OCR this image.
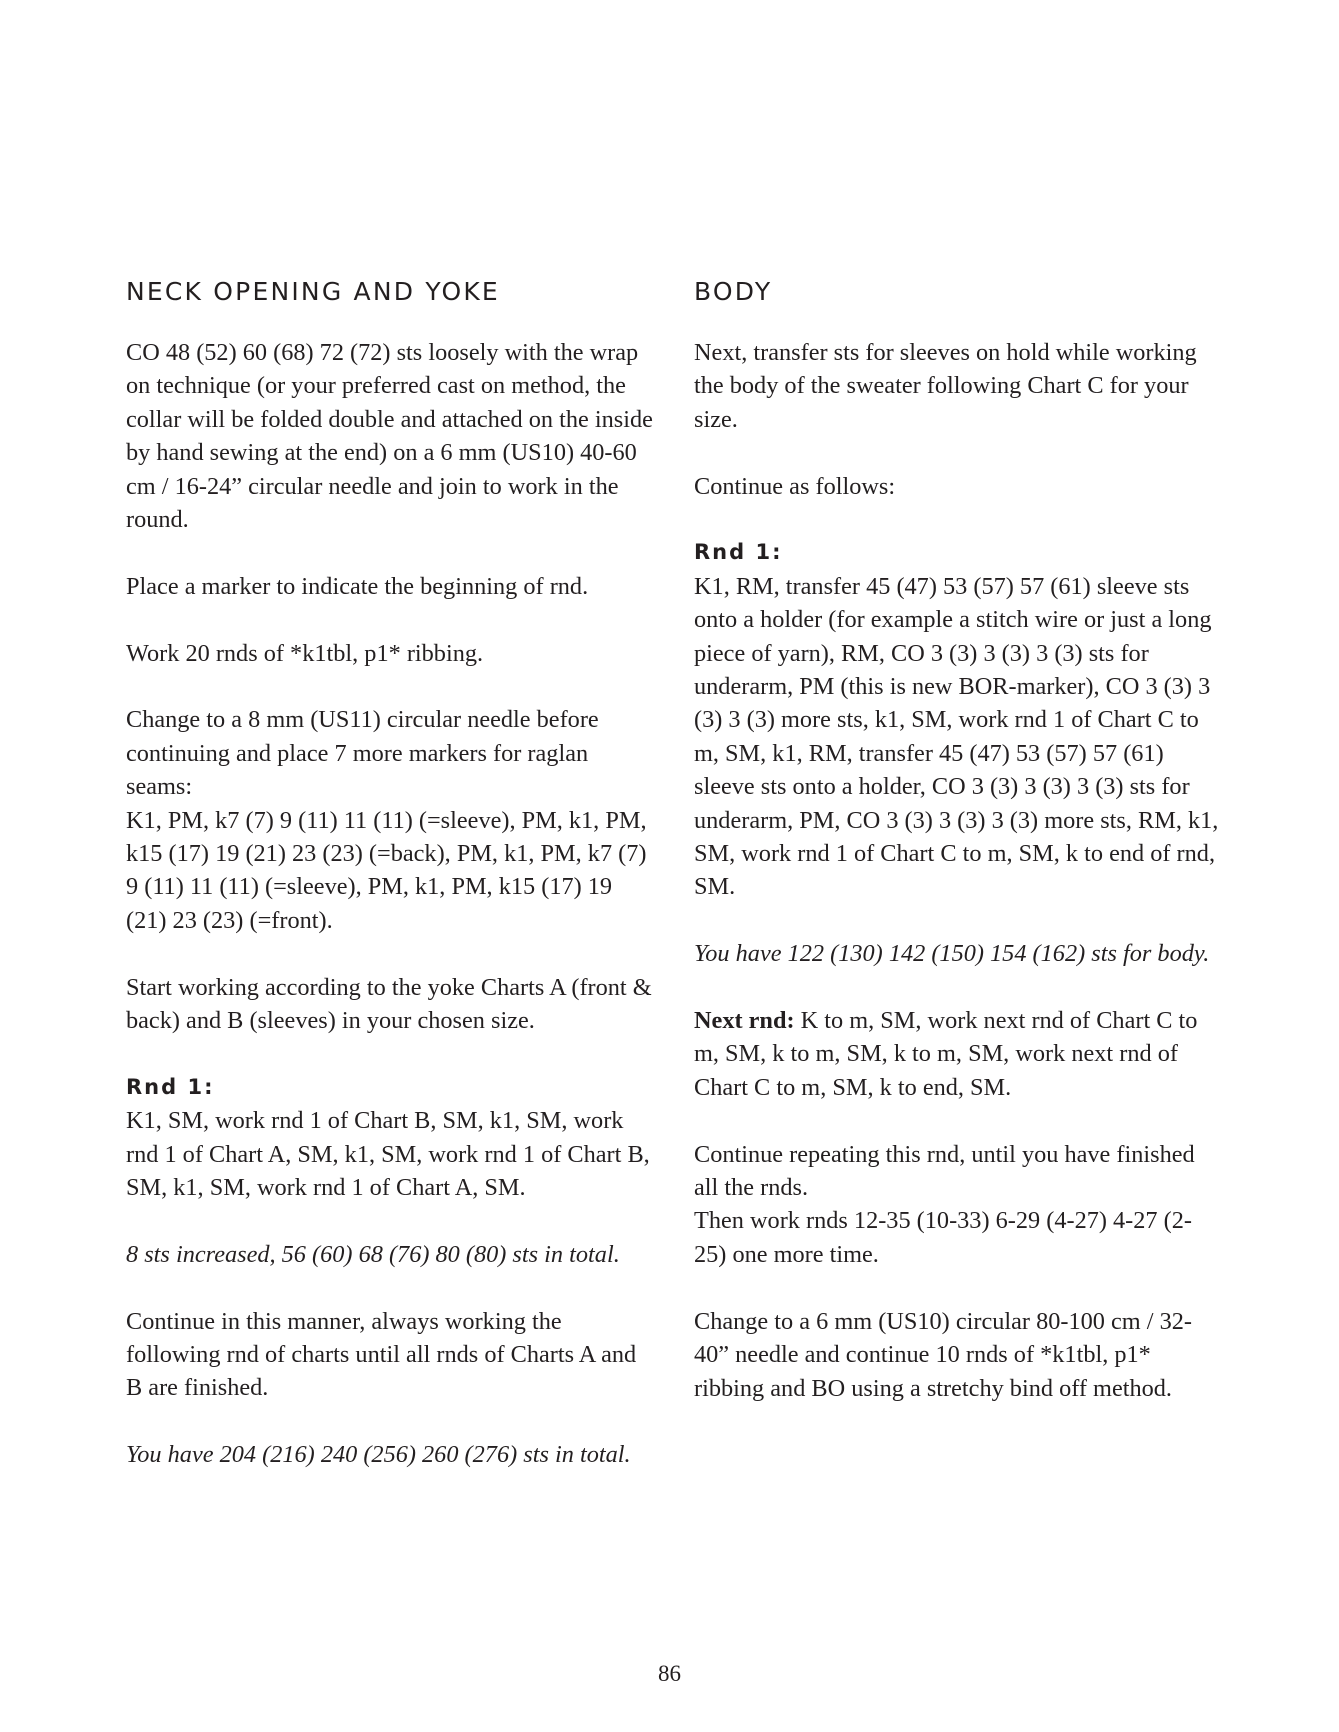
NECK OPENING AND YOKE

CO 48 (52) 60 (68) 72 (72) sts loosely with the wrap on technique (or your preferred cast on method, the collar will be folded double and attached on the inside by hand sewing at the end) on a 6 mm (US10) 40-60 cm / 16-24” circular needle and join to work in the round.

Place a marker to indicate the beginning of rnd.

Work 20 rnds of *k1tbl, p1* ribbing.

Change to a 8 mm (US11) circular needle before continuing and place 7 more markers for raglan seams:

K1, PM, k7 (7) 9 (11) 11 (11) (=sleeve), PM, k1, PM, k15 (17) 19 (21) 23 (23) (=back), PM, k1, PM, k7 (7) 9 (11) 11 (11) (=sleeve), PM, k1, PM, k15 (17) 19 (21) 23 (23) (=front).

Start working according to the yoke Charts A (front & back) and B (sleeves) in your chosen size.

Rnd 1:

K1, SM, work rnd 1 of Chart B, SM, k1, SM, work rnd 1 of Chart A, SM, k1, SM, work rnd 1 of Chart B, SM, k1, SM, work rnd 1 of Chart A, SM.

8 sts increased, 56 (60) 68 (76) 80 (80) sts in total.

Continue in this manner, always working the following rnd of charts until all rnds of Charts A and B are finished.

You have 204 (216) 240 (256) 260 (276) sts in total.

BODY

Next, transfer sts for sleeves on hold while working the body of the sweater following Chart C for your size.

Continue as follows:

Rnd 1:

K1, RM, transfer 45 (47) 53 (57) 57 (61) sleeve sts onto a holder (for example a stitch wire or just a long piece of yarn), RM, CO 3 (3) 3 (3) 3 (3) sts for underarm, PM (this is new BOR-marker), CO 3 (3) 3 (3) 3 (3) more sts, k1, SM, work rnd 1 of Chart C to m, SM, k1, RM, transfer 45 (47) 53 (57) 57 (61) sleeve sts onto a holder, CO 3 (3) 3 (3) 3 (3) sts for underarm, PM, CO 3 (3) 3 (3) 3 (3) more sts, RM, k1, SM, work rnd 1 of Chart C to m, SM, k to end of rnd, SM.

You have 122 (130) 142 (150) 154 (162) sts for body.

Next rnd: K to m, SM, work next rnd of Chart C to m, SM, k to m, SM, k to m, SM, work next rnd of Chart C to m, SM, k to end, SM.

Continue repeating this rnd, until you have finished all the rnds.

Then work rnds 12-35 (10-33) 6-29 (4-27) 4-27 (2-25) one more time.

Change to a 6 mm (US10) circular 80-100 cm / 32-40” needle and continue 10 rnds of *k1tbl, p1* ribbing and BO using a stretchy bind off method.

86
